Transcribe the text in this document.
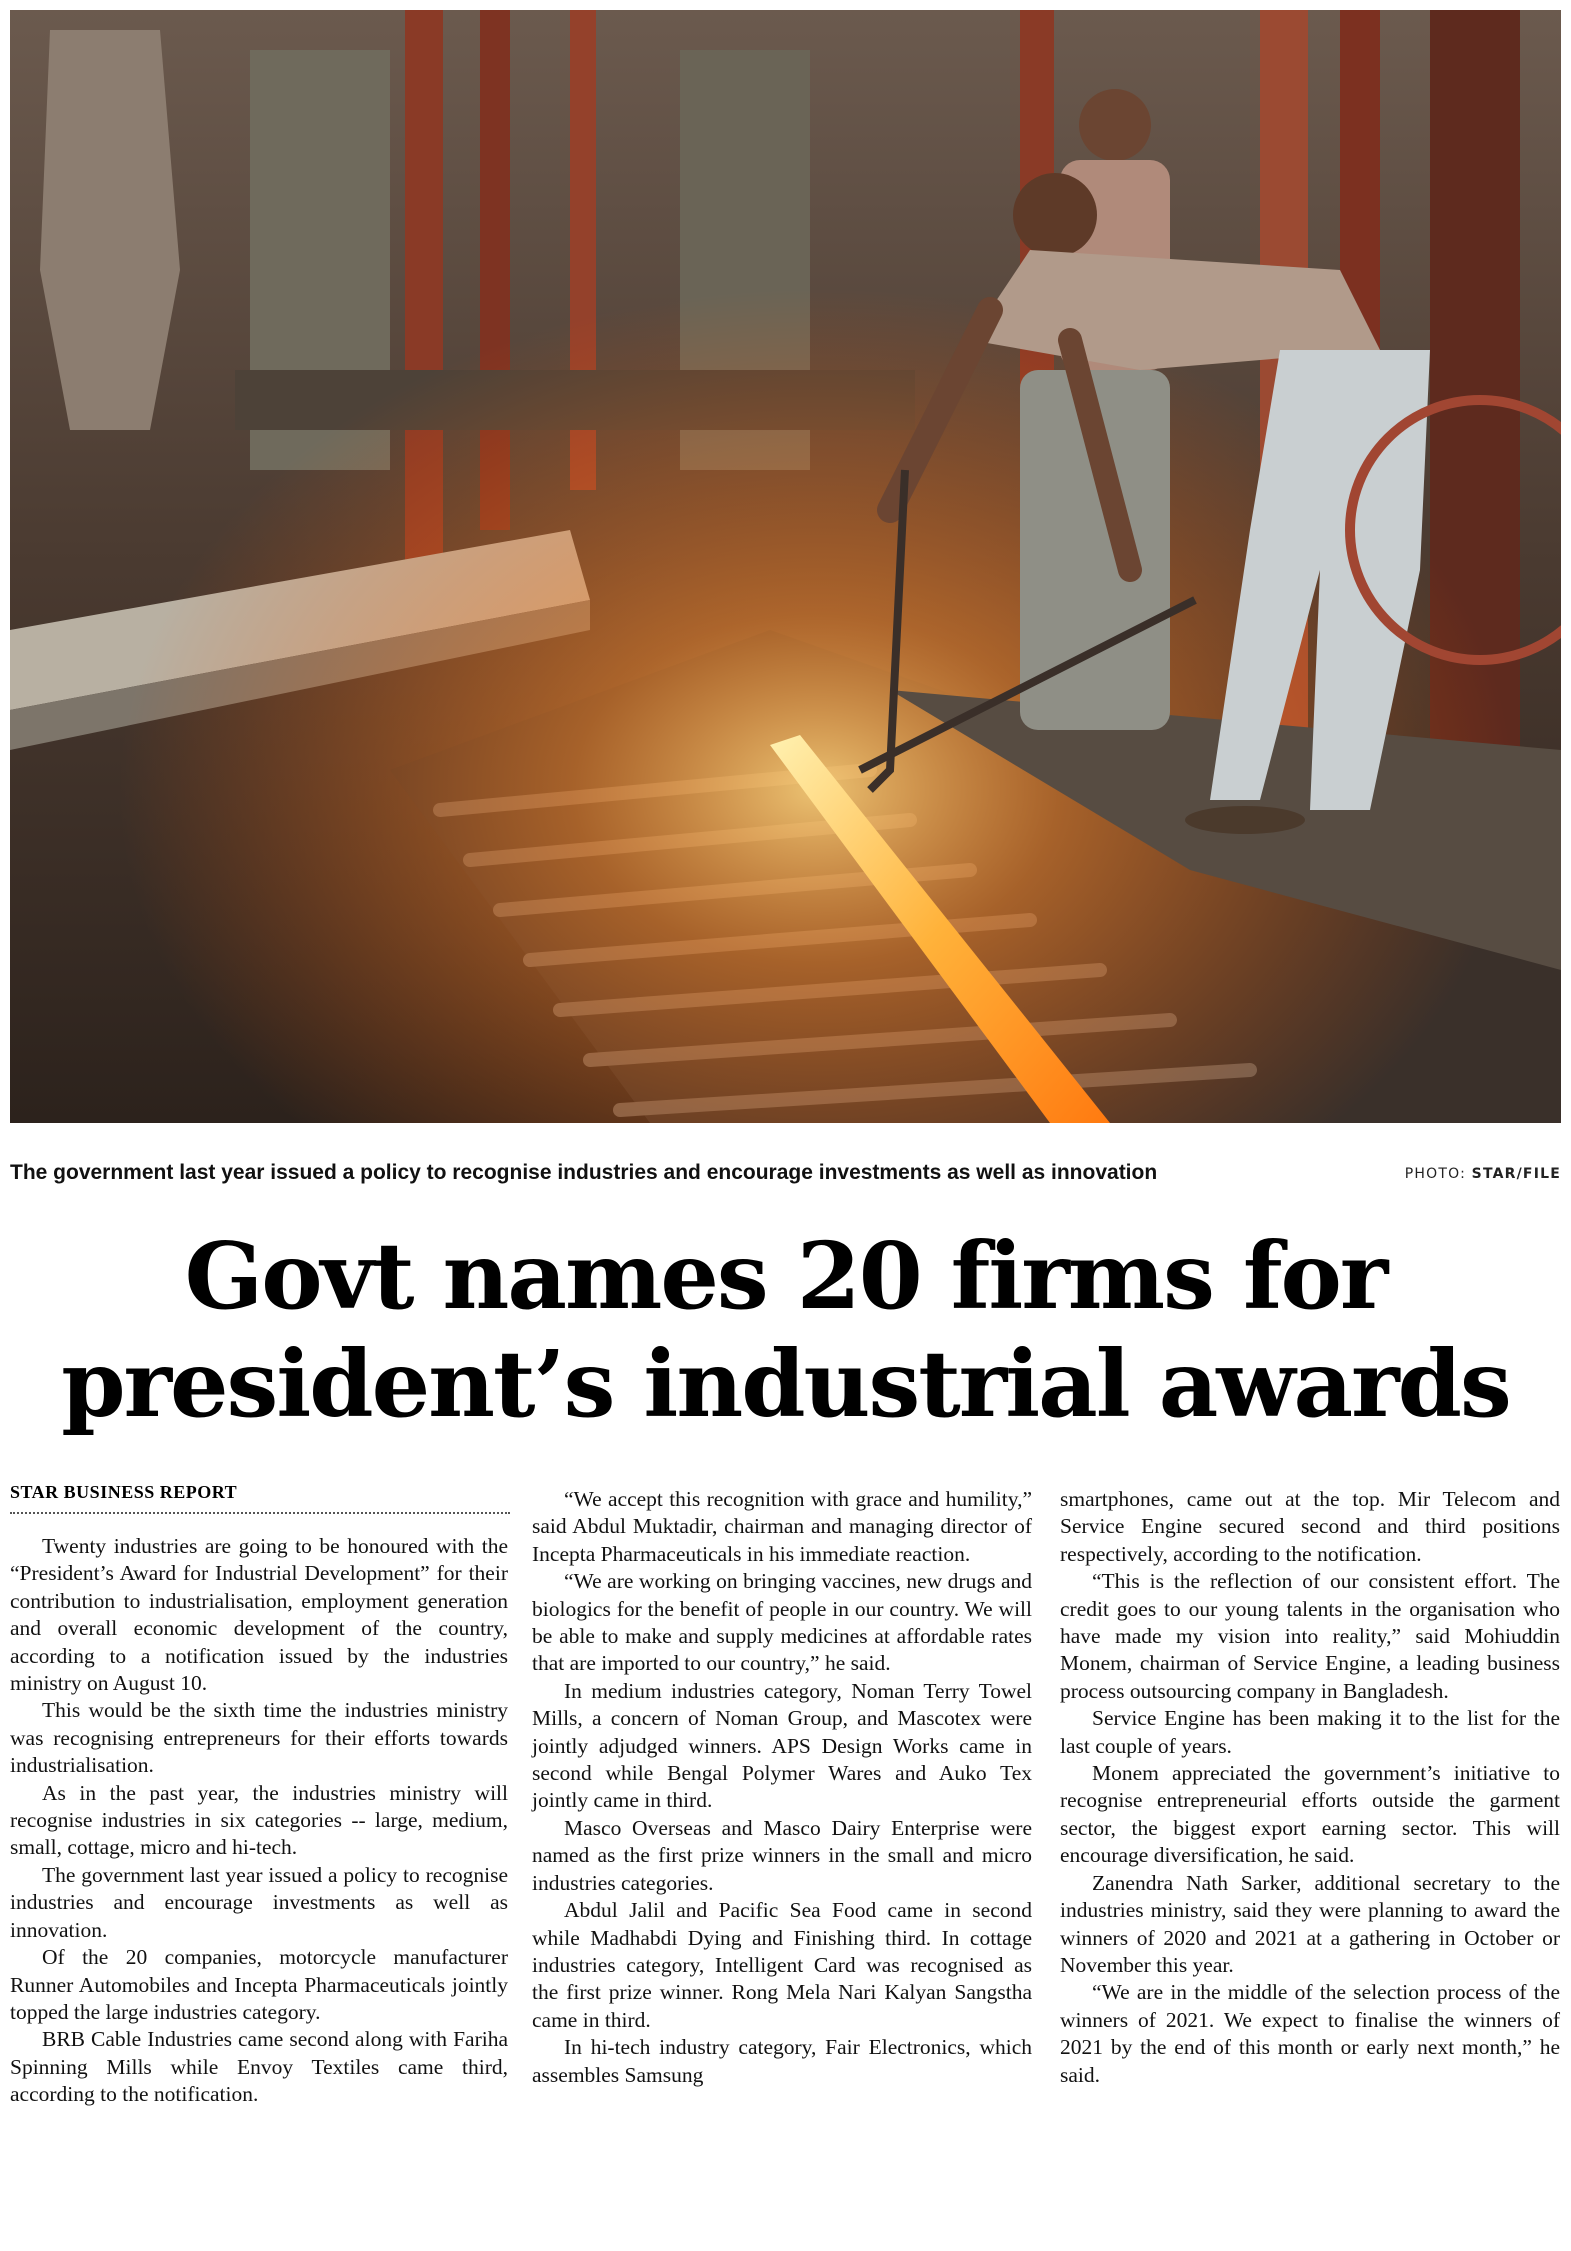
The government last year issued a policy to recognise industries and encourage investments as well as innovation	PHOTO: STAR/FILE
Govt names 20 firms for
president’s industrial awards
STAR BUSINESS REPORT

Twenty industries are going to be honoured with the “President’s Award for Industrial Development” for their contribution to industrialisation, employment generation and overall economic development of the country, according to a notification issued by the industries ministry on August 10.

This would be the sixth time the industries ministry was recognising entrepreneurs for their efforts towards industrialisation.

As in the past year, the industries ministry will recognise industries in six categories -- large, medium, small, cottage, micro and hi-tech.

The government last year issued a policy to recognise industries and encourage investments as well as innovation.

Of the 20 companies, motorcycle manufacturer Runner Automobiles and Incepta Pharmaceuticals jointly topped the large industries category.

BRB Cable Industries came second along with Fariha Spinning Mills while Envoy Textiles came third, according to the notification.

“We accept this recognition with grace and humility,” said Abdul Muktadir, chairman and managing director of Incepta Pharmaceuticals in his immediate reaction.

“We are working on bringing vaccines, new drugs and biologics for the benefit of people in our country. We will be able to make and supply medicines at affordable rates that are imported to our country,” he said.

In medium industries category, Noman Terry Towel Mills, a concern of Noman Group, and Mascotex were jointly adjudged winners. APS Design Works came in second while Bengal Polymer Wares and Auko Tex jointly came in third.

Masco Overseas and Masco Dairy Enterprise were named as the first prize winners in the small and micro industries categories.

Abdul Jalil and Pacific Sea Food came in second while Madhabdi Dying and Finishing third. In cottage industries category, Intelligent Card was recognised as the first prize winner. Rong Mela Nari Kalyan Sangstha came in third.

In hi-tech industry category, Fair Electronics, which assembles Samsung

smartphones, came out at the top. Mir Telecom and Service Engine secured second and third positions respectively, according to the notification.

“This is the reflection of our consistent effort. The credit goes to our young talents in the organisation who have made my vision into reality,” said Mohiuddin Monem, chairman of Service Engine, a leading business process outsourcing company in Bangladesh.

Service Engine has been making it to the list for the last couple of years.

Monem appreciated the government’s initiative to recognise entrepreneurial efforts outside the garment sector, the biggest export earning sector. This will encourage diversification, he said.

Zanendra Nath Sarker, additional secretary to the industries ministry, said they were planning to award the winners of 2020 and 2021 at a gathering in October or November this year.

“We are in the middle of the selection process of the winners of 2021. We expect to finalise the winners of 2021 by the end of this month or early next month,” he said.
